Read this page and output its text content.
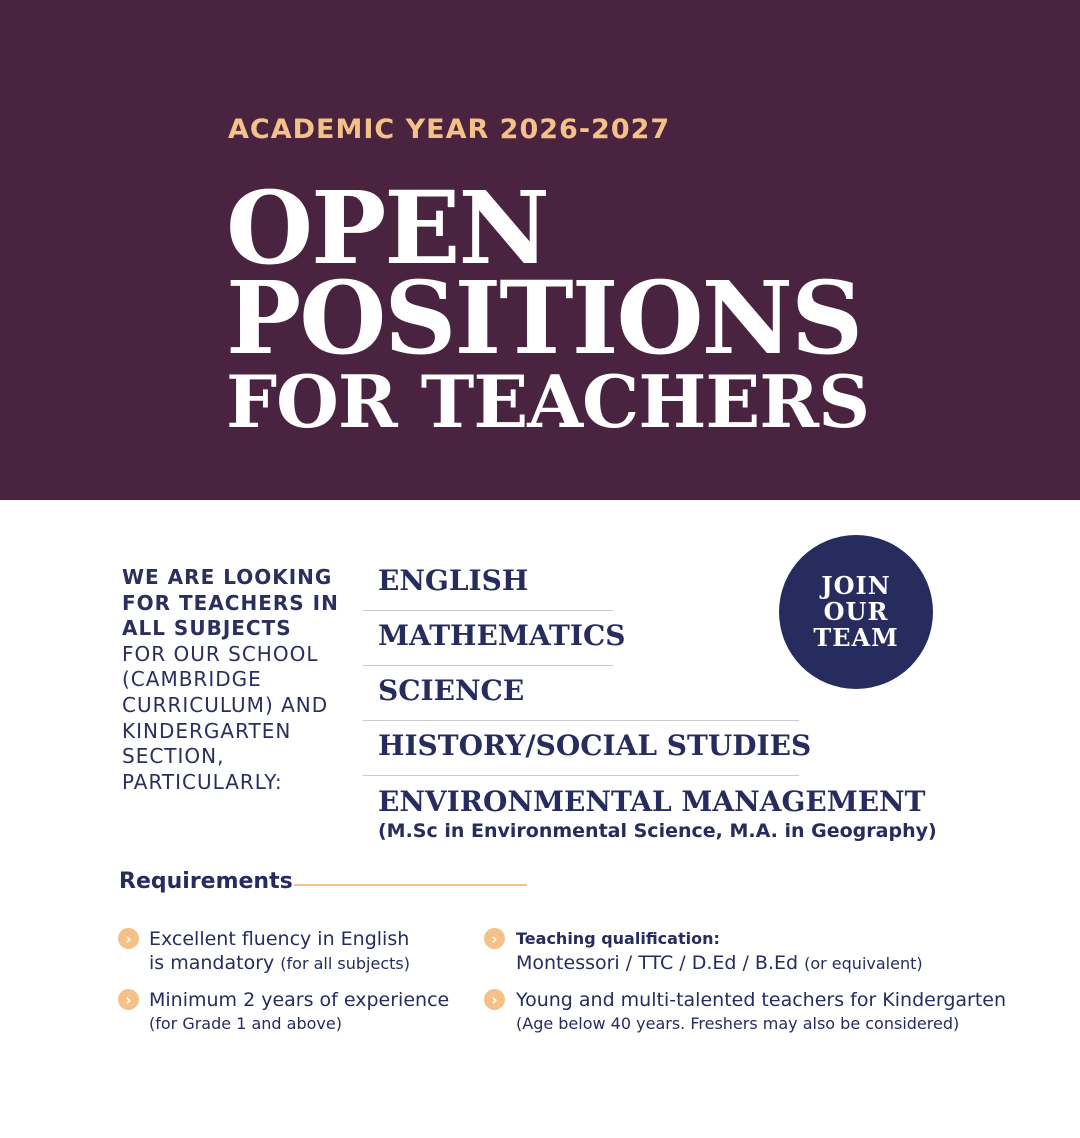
ACADEMIC YEAR 2026-2027
OPEN
POSITIONS
FOR TEACHERS
WE ARE LOOKING
FOR TEACHERS IN
ALL SUBJECTS
FOR OUR SCHOOL (CAMBRIDGE CURRICULUM) AND KINDERGARTEN SECTION, PARTICULARLY:
ENGLISH
MATHEMATICS
SCIENCE
HISTORY/SOCIAL STUDIES
ENVIRONMENTAL MANAGEMENT
(M.Sc in Environmental Science, M.A. in Geography)
JOIN
OUR
TEAM
Requirements
› Excellent fluency in English
is mandatory (for all subjects)
› Minimum 2 years of experience
(for Grade 1 and above)
›	Teaching qualification:
Montessori / TTC / D.Ed / B.Ed (or equivalent)
› Young and multi-talented teachers for Kindergarten
(Age below 40 years. Freshers may also be considered)
